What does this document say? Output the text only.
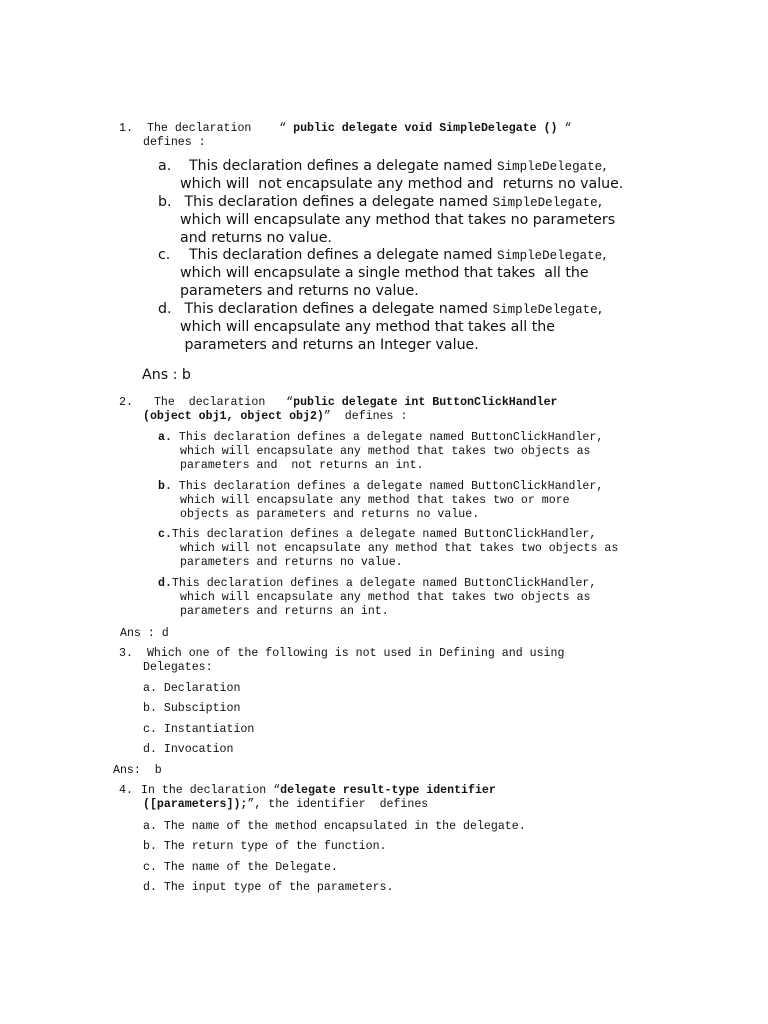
1. The declaration    “ public delegate void SimpleDelegate () “
defines :
a. This declaration defines a delegate named SimpleDelegate,
which will  not encapsulate any method and  returns no value.
b. This declaration defines a delegate named SimpleDelegate,
which will encapsulate any method that takes no parameters
and returns no value.
c. This declaration defines a delegate named SimpleDelegate,
which will encapsulate a single method that takes  all the
parameters and returns no value.
d. This declaration defines a delegate named SimpleDelegate,
which will encapsulate any method that takes all the
parameters and returns an Integer value.
Ans : b
2. The  declaration   “public delegate int ButtonClickHandler
(object obj1, object obj2)”  defines :
a. This declaration defines a delegate named ButtonClickHandler,
which will encapsulate any method that takes two objects as
parameters and  not returns an int.
b. This declaration defines a delegate named ButtonClickHandler,
which will encapsulate any method that takes two or more
objects as parameters and returns no value.
c.This declaration defines a delegate named ButtonClickHandler,
which will not encapsulate any method that takes two objects as
parameters and returns no value.
d.This declaration defines a delegate named ButtonClickHandler,
which will encapsulate any method that takes two objects as
parameters and returns an int.
Ans : d
3. Which one of the following is not used in Defining and using
Delegates:
a. Declaration
b. Subsciption
c. Instantiation
d. Invocation
Ans:  b
4. In the declaration “delegate result-type identifier
([parameters]);”, the identifier  defines
a. The name of the method encapsulated in the delegate.
b. The return type of the function.
c. The name of the Delegate.
d. The input type of the parameters.
